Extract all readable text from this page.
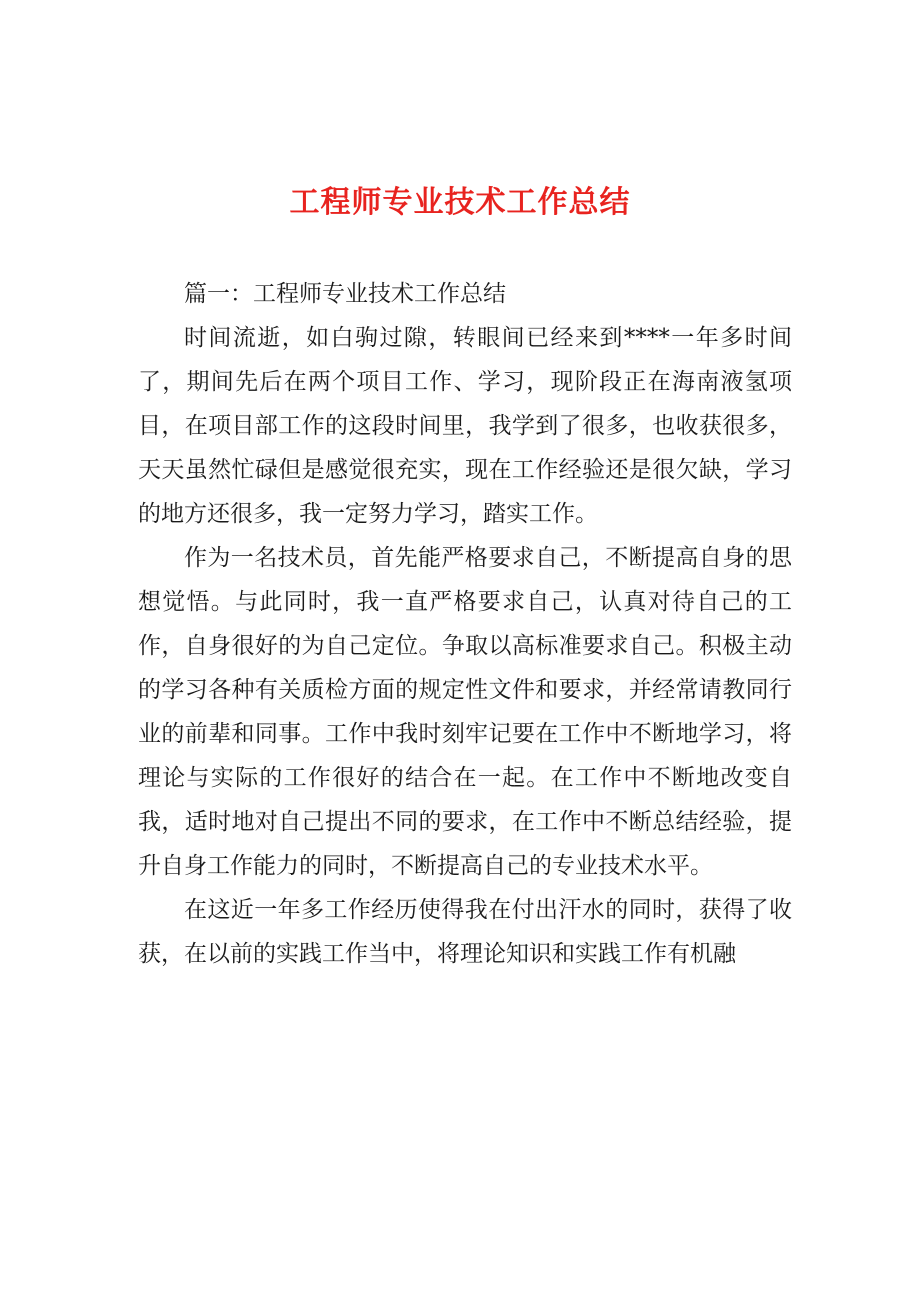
工程师专业技术工作总结

篇一：工程师专业技术工作总结

时间流逝，如白驹过隙，转眼间已经来到****一年多时间了，期间先后在两个项目工作、学习，现阶段正在海南液氢项目，在项目部工作的这段时间里，我学到了很多，也收获很多，天天虽然忙碌但是感觉很充实，现在工作经验还是很欠缺，学习的地方还很多，我一定努力学习，踏实工作。

作为一名技术员，首先能严格要求自己，不断提高自身的思想觉悟。与此同时，我一直严格要求自己，认真对待自己的工作，自身很好的为自己定位。争取以高标准要求自己。积极主动的学习各种有关质检方面的规定性文件和要求，并经常请教同行业的前辈和同事。工作中我时刻牢记要在工作中不断地学习，将理论与实际的工作很好的结合在一起。在工作中不断地改变自我，适时地对自己提出不同的要求，在工作中不断总结经验，提升自身工作能力的同时，不断提高自己的专业技术水平。

在这近一年多工作经历使得我在付出汗水的同时，获得了收获，在以前的实践工作当中，将理论知识和实践工作有机融
